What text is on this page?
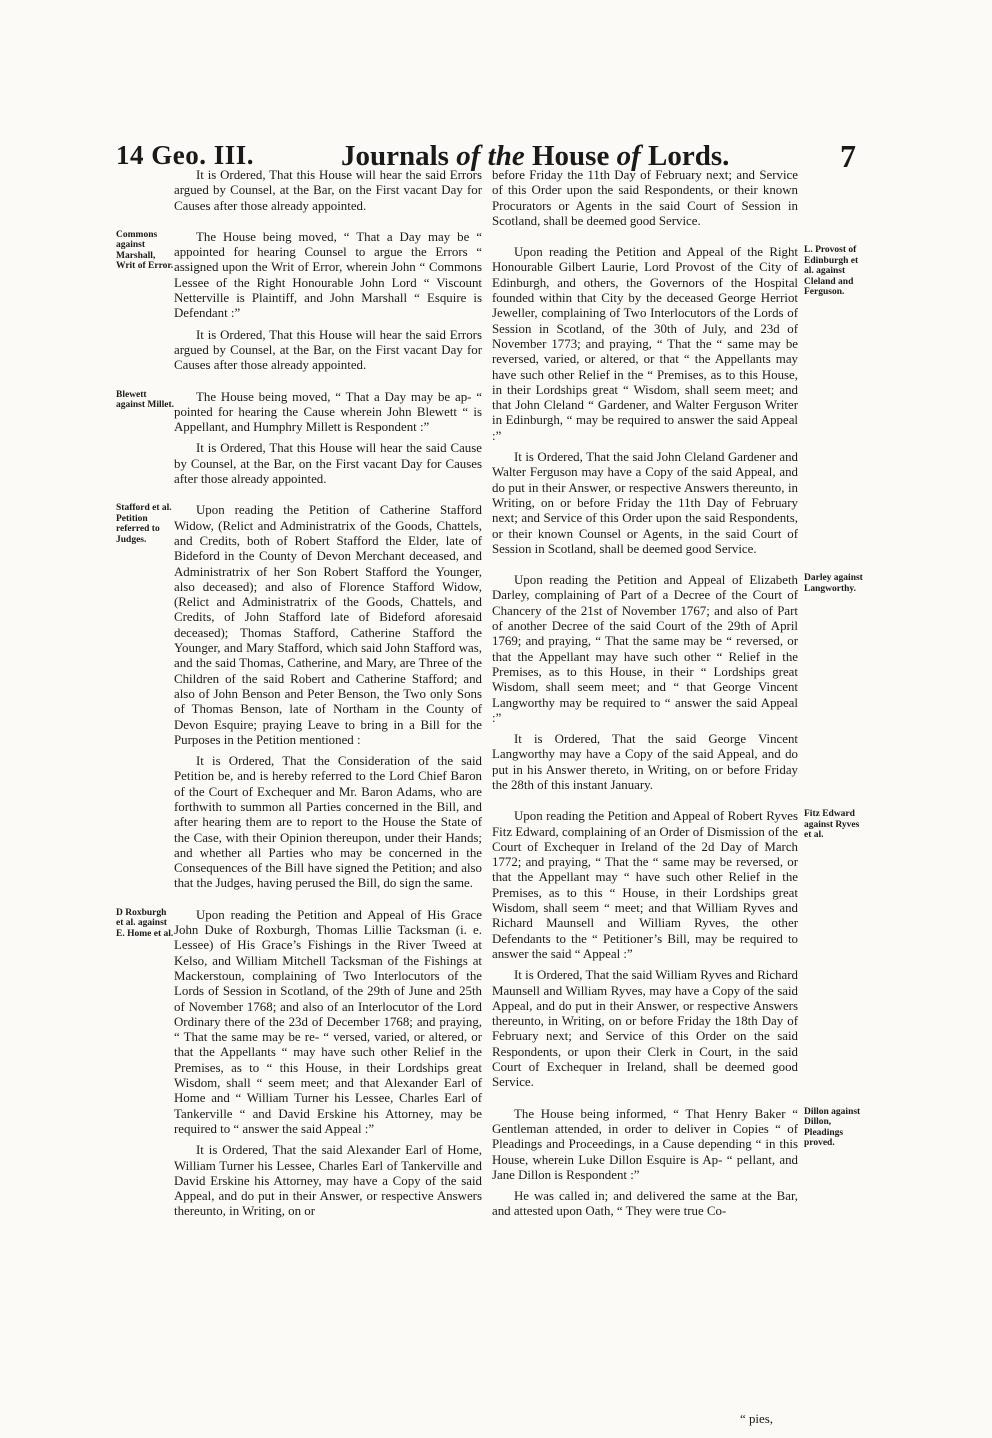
14 Geo. III.	Journals of the House of Lords.	7

It is Ordered, That this House will hear the said Errors argued by Counsel, at the Bar, on the First vacant Day for Causes after those already appointed.

Commons against Marshall, Writ of Error.

The House being moved, “ That a Day may be “ appointed for hearing Counsel to argue the Errors “ assigned upon the Writ of Error, wherein John “ Commons Lessee of the Right Honourable John Lord “ Viscount Netterville is Plaintiff, and John Marshall “ Esquire is Defendant :”

It is Ordered, That this House will hear the said Errors argued by Counsel, at the Bar, on the First vacant Day for Causes after those already appointed.

Blewett against Millet.

The House being moved, “ That a Day may be ap- “ pointed for hearing the Cause wherein John Blewett “ is Appellant, and Humphry Millett is Respondent :”

It is Ordered, That this House will hear the said Cause by Counsel, at the Bar, on the First vacant Day for Causes after those already appointed.

Stafford et al. Petition referred to Judges.

Upon reading the Petition of Catherine Stafford Widow, (Relict and Administratrix of the Goods, Chattels, and Credits, both of Robert Stafford the Elder, late of Bideford in the County of Devon Merchant deceased, and Administratrix of her Son Robert Stafford the Younger, also deceased); and also of Florence Stafford Widow, (Relict and Administratrix of the Goods, Chattels, and Credits, of John Stafford late of Bideford aforesaid deceased); Thomas Stafford, Catherine Stafford the Younger, and Mary Stafford, which said John Stafford was, and the said Thomas, Catherine, and Mary, are Three of the Children of the said Robert and Catherine Stafford; and also of John Benson and Peter Benson, the Two only Sons of Thomas Benson, late of Northam in the County of Devon Esquire; praying Leave to bring in a Bill for the Purposes in the Petition mentioned :

It is Ordered, That the Consideration of the said Petition be, and is hereby referred to the Lord Chief Baron of the Court of Exchequer and Mr. Baron Adams, who are forthwith to summon all Parties concerned in the Bill, and after hearing them are to report to the House the State of the Case, with their Opinion thereupon, under their Hands; and whether all Parties who may be concerned in the Consequences of the Bill have signed the Petition; and also that the Judges, having perused the Bill, do sign the same.

D Roxburgh et al. against E. Home et al.

Upon reading the Petition and Appeal of His Grace John Duke of Roxburgh, Thomas Lillie Tacksman (i. e. Lessee) of His Grace’s Fishings in the River Tweed at Kelso, and William Mitchell Tacksman of the Fishings at Mackerstoun, complaining of Two Interlocutors of the Lords of Session in Scotland, of the 29th of June and 25th of November 1768; and also of an Interlocutor of the Lord Ordinary there of the 23d of December 1768; and praying, “ That the same may be re- “ versed, varied, or altered, or that the Appellants “ may have such other Relief in the Premises, as to “ this House, in their Lordships great Wisdom, shall “ seem meet; and that Alexander Earl of Home and “ William Turner his Lessee, Charles Earl of Tankerville “ and David Erskine his Attorney, may be required to “ answer the said Appeal :”

It is Ordered, That the said Alexander Earl of Home, William Turner his Lessee, Charles Earl of Tankerville and David Erskine his Attorney, may have a Copy of the said Appeal, and do put in their Answer, or respective Answers thereunto, in Writing, on or

before Friday the 11th Day of February next; and Service of this Order upon the said Respondents, or their known Procurators or Agents in the said Court of Session in Scotland, shall be deemed good Service.

L. Provost of Edinburgh et al. against Cleland and Ferguson.

Upon reading the Petition and Appeal of the Right Honourable Gilbert Laurie, Lord Provost of the City of Edinburgh, and others, the Governors of the Hospital founded within that City by the deceased George Herriot Jeweller, complaining of Two Interlocutors of the Lords of Session in Scotland, of the 30th of July, and 23d of November 1773; and praying, “ That the “ same may be reversed, varied, or altered, or that “ the Appellants may have such other Relief in the “ Premises, as to this House, in their Lordships great “ Wisdom, shall seem meet; and that John Cleland “ Gardener, and Walter Ferguson Writer in Edinburgh, “ may be required to answer the said Appeal :”

It is Ordered, That the said John Cleland Gardener and Walter Ferguson may have a Copy of the said Appeal, and do put in their Answer, or respective Answers thereunto, in Writing, on or before Friday the 11th Day of February next; and Service of this Order upon the said Respondents, or their known Counsel or Agents, in the said Court of Session in Scotland, shall be deemed good Service.

Darley against Langworthy.

Upon reading the Petition and Appeal of Elizabeth Darley, complaining of Part of a Decree of the Court of Chancery of the 21st of November 1767; and also of Part of another Decree of the said Court of the 29th of April 1769; and praying, “ That the same may be “ reversed, or that the Appellant may have such other “ Relief in the Premises, as to this House, in their “ Lordships great Wisdom, shall seem meet; and “ that George Vincent Langworthy may be required to “ answer the said Appeal :”

It is Ordered, That the said George Vincent Langworthy may have a Copy of the said Appeal, and do put in his Answer thereto, in Writing, on or before Friday the 28th of this instant January.

Fitz Edward against Ryves et al.

Upon reading the Petition and Appeal of Robert Ryves Fitz Edward, complaining of an Order of Dismission of the Court of Exchequer in Ireland of the 2d Day of March 1772; and praying, “ That the “ same may be reversed, or that the Appellant may “ have such other Relief in the Premises, as to this “ House, in their Lordships great Wisdom, shall seem “ meet; and that William Ryves and Richard Maunsell and William Ryves, the other Defendants to the “ Petitioner’s Bill, may be required to answer the said “ Appeal :”

It is Ordered, That the said William Ryves and Richard Maunsell and William Ryves, may have a Copy of the said Appeal, and do put in their Answer, or respective Answers thereunto, in Writing, on or before Friday the 18th Day of February next; and Service of this Order on the said Respondents, or upon their Clerk in Court, in the said Court of Exchequer in Ireland, shall be deemed good Service.

Dillon against Dillon, Pleadings proved.

The House being informed, “ That Henry Baker “ Gentleman attended, in order to deliver in Copies “ of Pleadings and Proceedings, in a Cause depending “ in this House, wherein Luke Dillon Esquire is Ap- “ pellant, and Jane Dillon is Respondent :”

He was called in; and delivered the same at the Bar, and attested upon Oath, “ They were true Co-

“ pies,
